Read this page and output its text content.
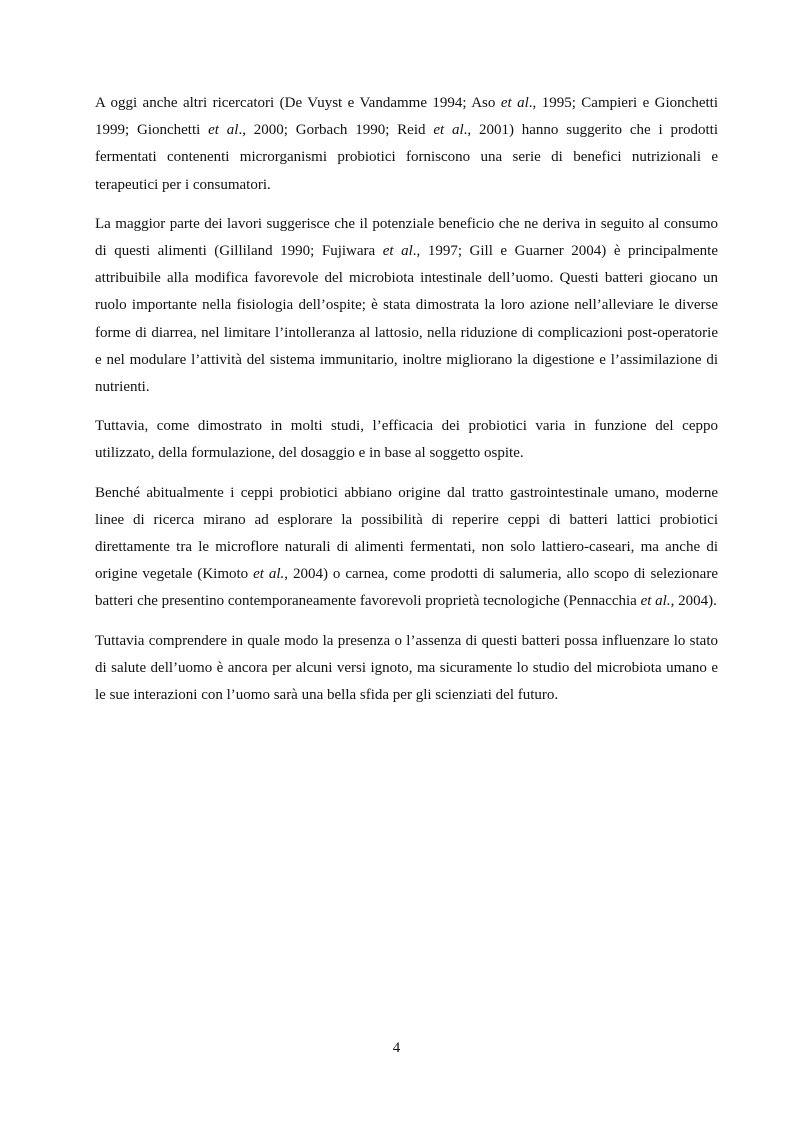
A oggi anche altri ricercatori (De Vuyst e Vandamme 1994; Aso et al., 1995; Campieri e Gionchetti 1999; Gionchetti et al., 2000; Gorbach 1990; Reid et al., 2001) hanno suggerito che i prodotti fermentati contenenti microrganismi probiotici forniscono una serie di benefici nutrizionali e terapeutici per i consumatori.

La maggior parte dei lavori suggerisce che il potenziale beneficio che ne deriva in seguito al consumo di questi alimenti (Gilliland 1990; Fujiwara et al., 1997; Gill e Guarner 2004) è principalmente attribuibile alla modifica favorevole del microbiota intestinale dell’uomo. Questi batteri giocano un ruolo importante nella fisiologia dell’ospite; è stata dimostrata la loro azione nell’alleviare le diverse forme di diarrea, nel limitare l’intolleranza al lattosio, nella riduzione di complicazioni post-operatorie e nel modulare l’attività del sistema immunitario, inoltre migliorano la digestione e l’assimilazione di nutrienti.

Tuttavia, come dimostrato in molti studi, l’efficacia dei probiotici varia in funzione del ceppo utilizzato, della formulazione, del dosaggio e in base al soggetto ospite.

Benché abitualmente i ceppi probiotici abbiano origine dal tratto gastrointestinale umano, moderne linee di ricerca mirano ad esplorare la possibilità di reperire ceppi di batteri lattici probiotici direttamente tra le microflore naturali di alimenti fermentati, non solo lattiero-caseari, ma anche di origine vegetale (Kimoto et al., 2004) o carnea, come prodotti di salumeria, allo scopo di selezionare batteri che presentino contemporaneamente favorevoli proprietà tecnologiche (Pennacchia et al., 2004).

Tuttavia comprendere in quale modo la presenza o l’assenza di questi batteri possa influenzare lo stato di salute dell’uomo è ancora per alcuni versi ignoto, ma sicuramente lo studio del microbiota umano e le sue interazioni con l’uomo sarà una bella sfida per gli scienziati del futuro.

4
